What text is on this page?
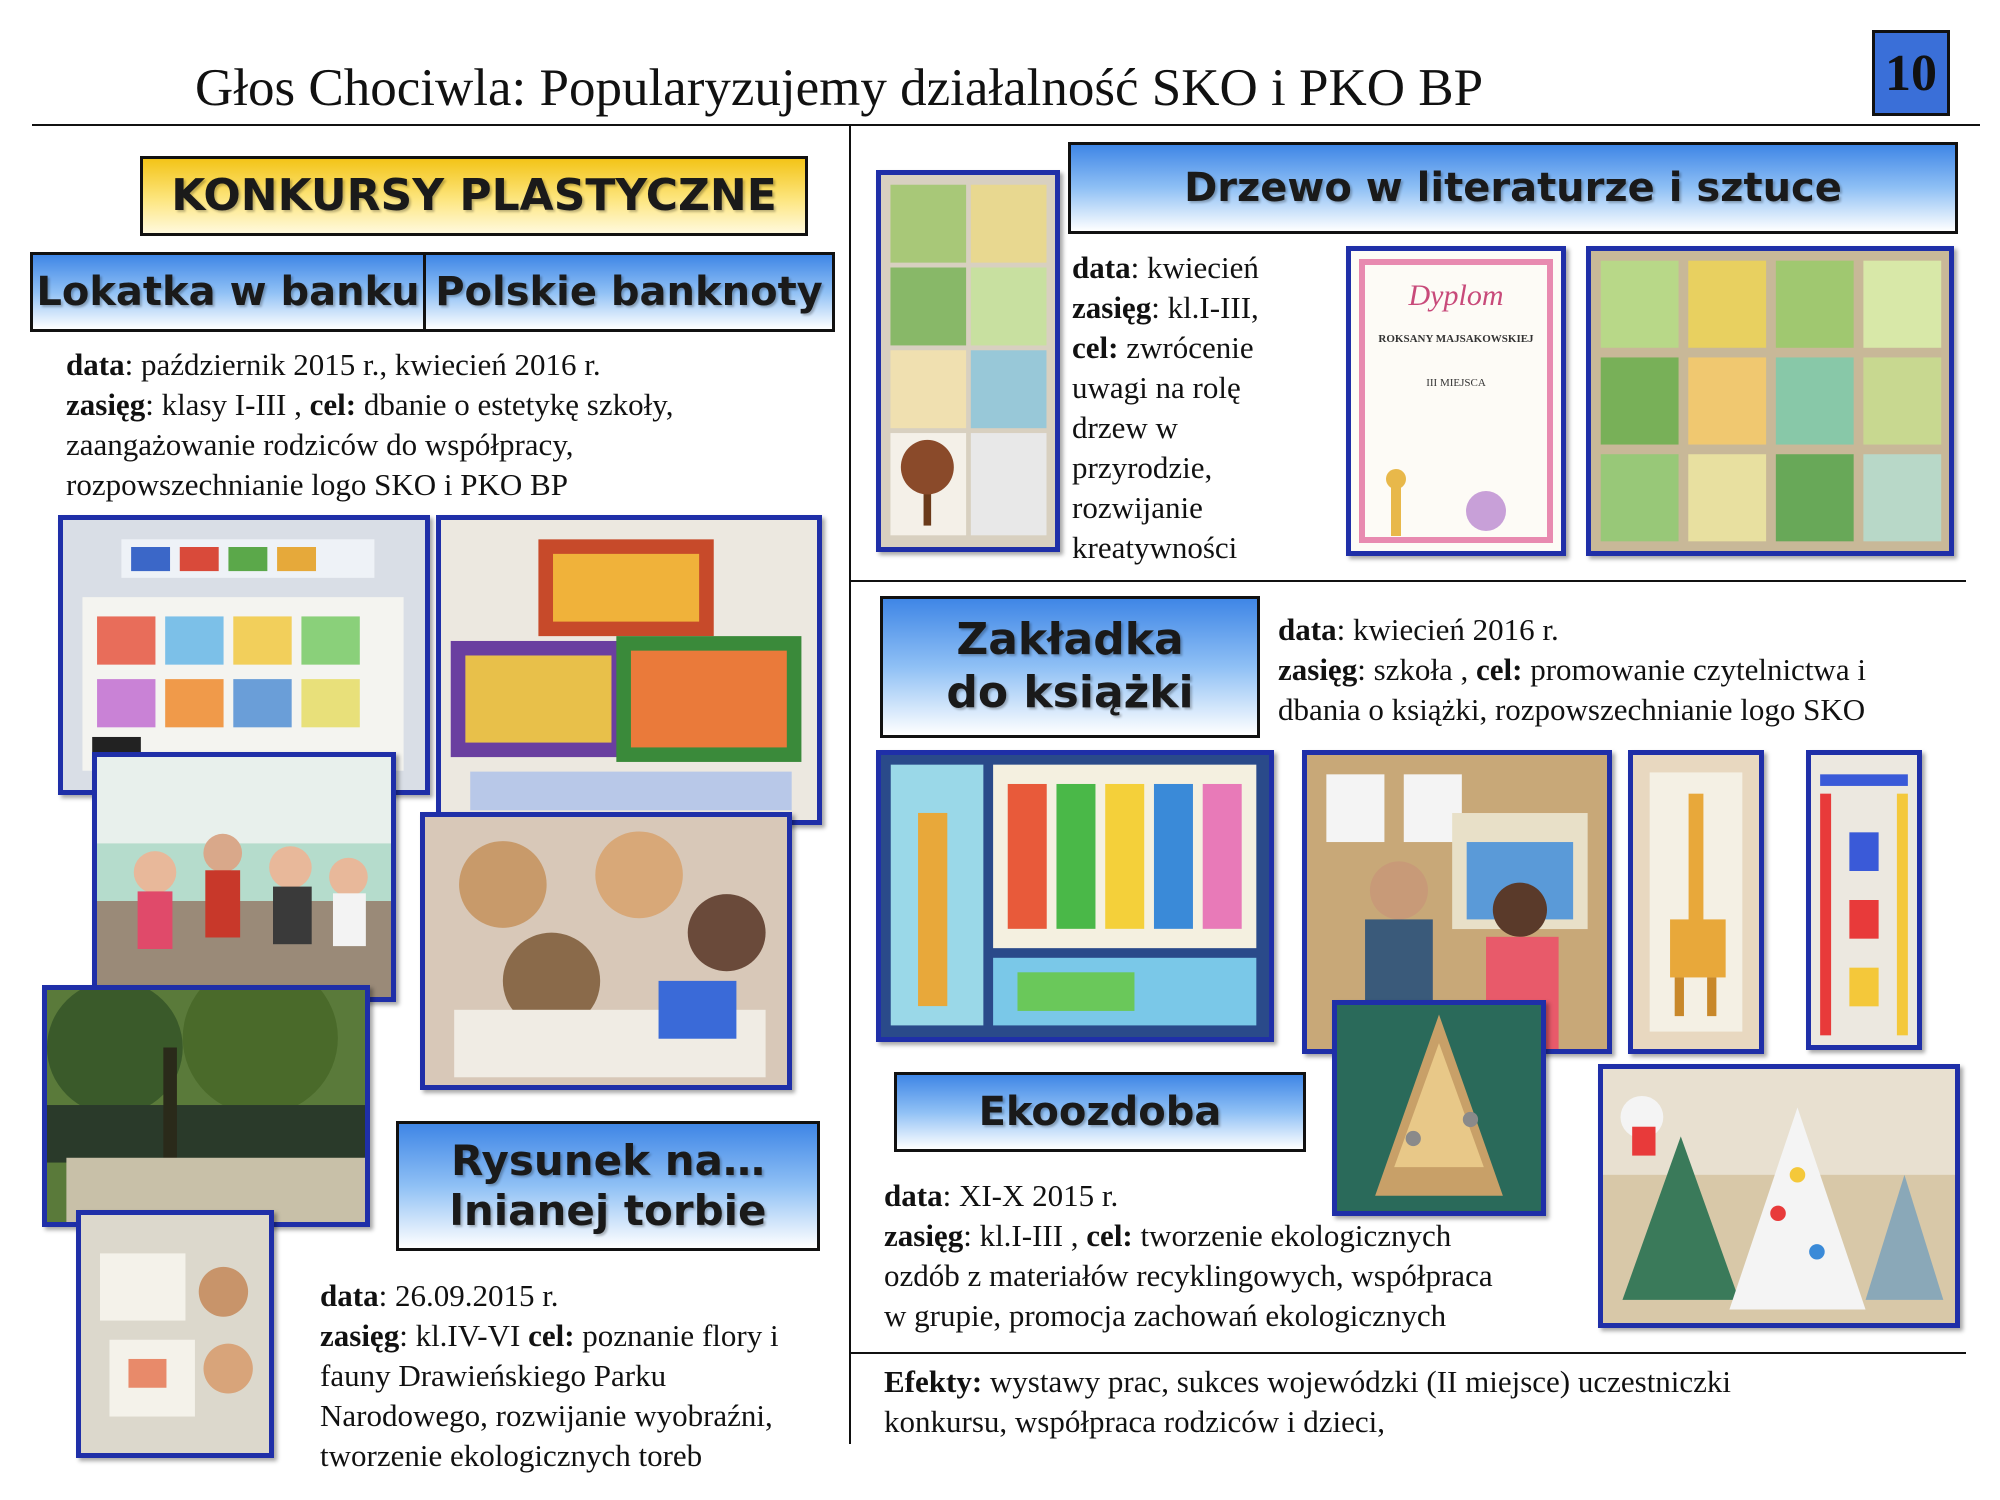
Głos Chociwla: Popularyzujemy działalność SKO i PKO BP	10
KONKURSY PLASTYCZNE
Lokatka w banku Polskie banknoty
data: październik 2015 r., kwiecień 2016 r.
zasięg: klasy I-III , cel: dbanie o estetykę szkoły,
zaangażowanie rodziców do współpracy,
rozpowszechnianie logo SKO i PKO BP
Rysunek na…
lnianej torbie
data: 26.09.2015 r.
zasięg: kl.IV-VI cel: poznanie flory i
fauny Drawieńskiego Parku
Narodowego, rozwijanie wyobraźni,
tworzenie ekologicznych toreb
Drzewo w literaturze i sztuce
data: kwiecień
zasięg: kl.I-III,
cel: zwrócenie
uwagi na rolę
drzew w
przyrodzie,
rozwijanie
kreatywności
Dyplom
ROKSANY MAJSAKOWSKIEJ
III MIEJSCA
Zakładka
do książki
data: kwiecień 2016 r.
zasięg: szkoła , cel: promowanie czytelnictwa i
dbania o książki, rozpowszechnianie logo SKO
Ekoozdoba
data: XI-X 2015 r.
zasięg: kl.I-III , cel: tworzenie ekologicznych
ozdób z materiałów recyklingowych, współpraca
w grupie, promocja zachowań ekologicznych
Efekty: wystawy prac, sukces wojewódzki (II miejsce) uczestniczki
konkursu, współpraca rodziców i dzieci,
